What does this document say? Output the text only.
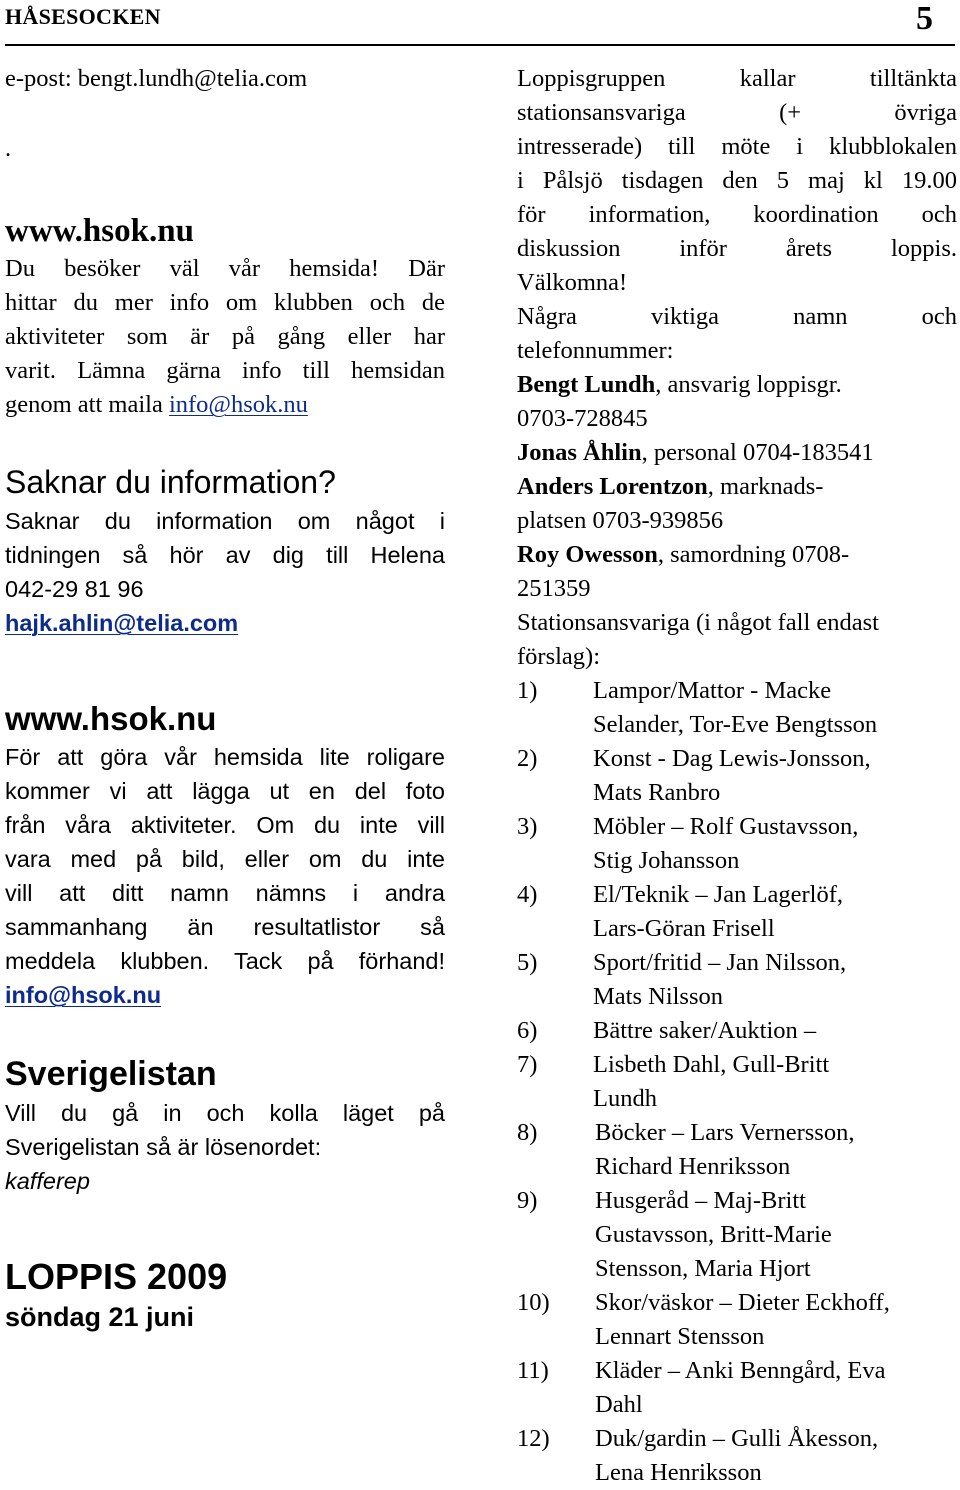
HÅSESOCKEN	5
e-post: bengt.lundh@telia.com
.
www.hsok.nu
Du besöker väl vår hemsida! Där
hittar du mer info om klubben och de
aktiviteter som är på gång eller har
varit. Lämna gärna info till hemsidan
genom att maila info@hsok.nu
Saknar du information?
Saknar du information om något i
tidningen så hör av dig till Helena
042-29 81 96
hajk.ahlin@telia.com
www.hsok.nu
För att göra vår hemsida lite roligare
kommer vi att lägga ut en del foto
från våra aktiviteter. Om du inte vill
vara med på bild, eller om du inte
vill att ditt namn nämns i andra
sammanhang än resultatlistor så
meddela klubben. Tack på förhand!
info@hsok.nu
Sverigelistan
Vill du gå in och kolla läget på
Sverigelistan så är lösenordet:
kafferep
LOPPIS 2009
söndag 21 juni
Loppisgruppen kallar tilltänkta
stationsansvariga (+ övriga
intresserade) till möte i klubblokalen
i Pålsjö tisdagen den 5 maj kl 19.00
för information, koordination och
diskussion inför årets loppis.
Välkomna!
Några viktiga namn och
telefonnummer:
Bengt Lundh, ansvarig loppisgr.
0703-728845
Jonas Åhlin, personal 0704-183541
Anders Lorentzon, marknads-
platsen 0703-939856
Roy Owesson, samordning 0708-
251359
Stationsansvariga (i något fall endast
förslag):
1) Lampor/Mattor - Macke
Selander, Tor-Eve Bengtsson
2) Konst - Dag Lewis-Jonsson,
Mats Ranbro
3) Möbler – Rolf Gustavsson,
Stig Johansson
4) El/Teknik – Jan Lagerlöf,
Lars-Göran Frisell
5) Sport/fritid – Jan Nilsson,
Mats Nilsson
6) Bättre saker/Auktion –
7) Lisbeth Dahl, Gull-Britt
Lundh
8) Böcker – Lars Vernersson,
Richard Henriksson
9) Husgeråd – Maj-Britt
Gustavsson, Britt-Marie
Stensson, Maria Hjort
10) Skor/väskor – Dieter Eckhoff,
Lennart Stensson
11) Kläder – Anki Benngård, Eva
Dahl
12) Duk/gardin – Gulli Åkesson,
Lena Henriksson
